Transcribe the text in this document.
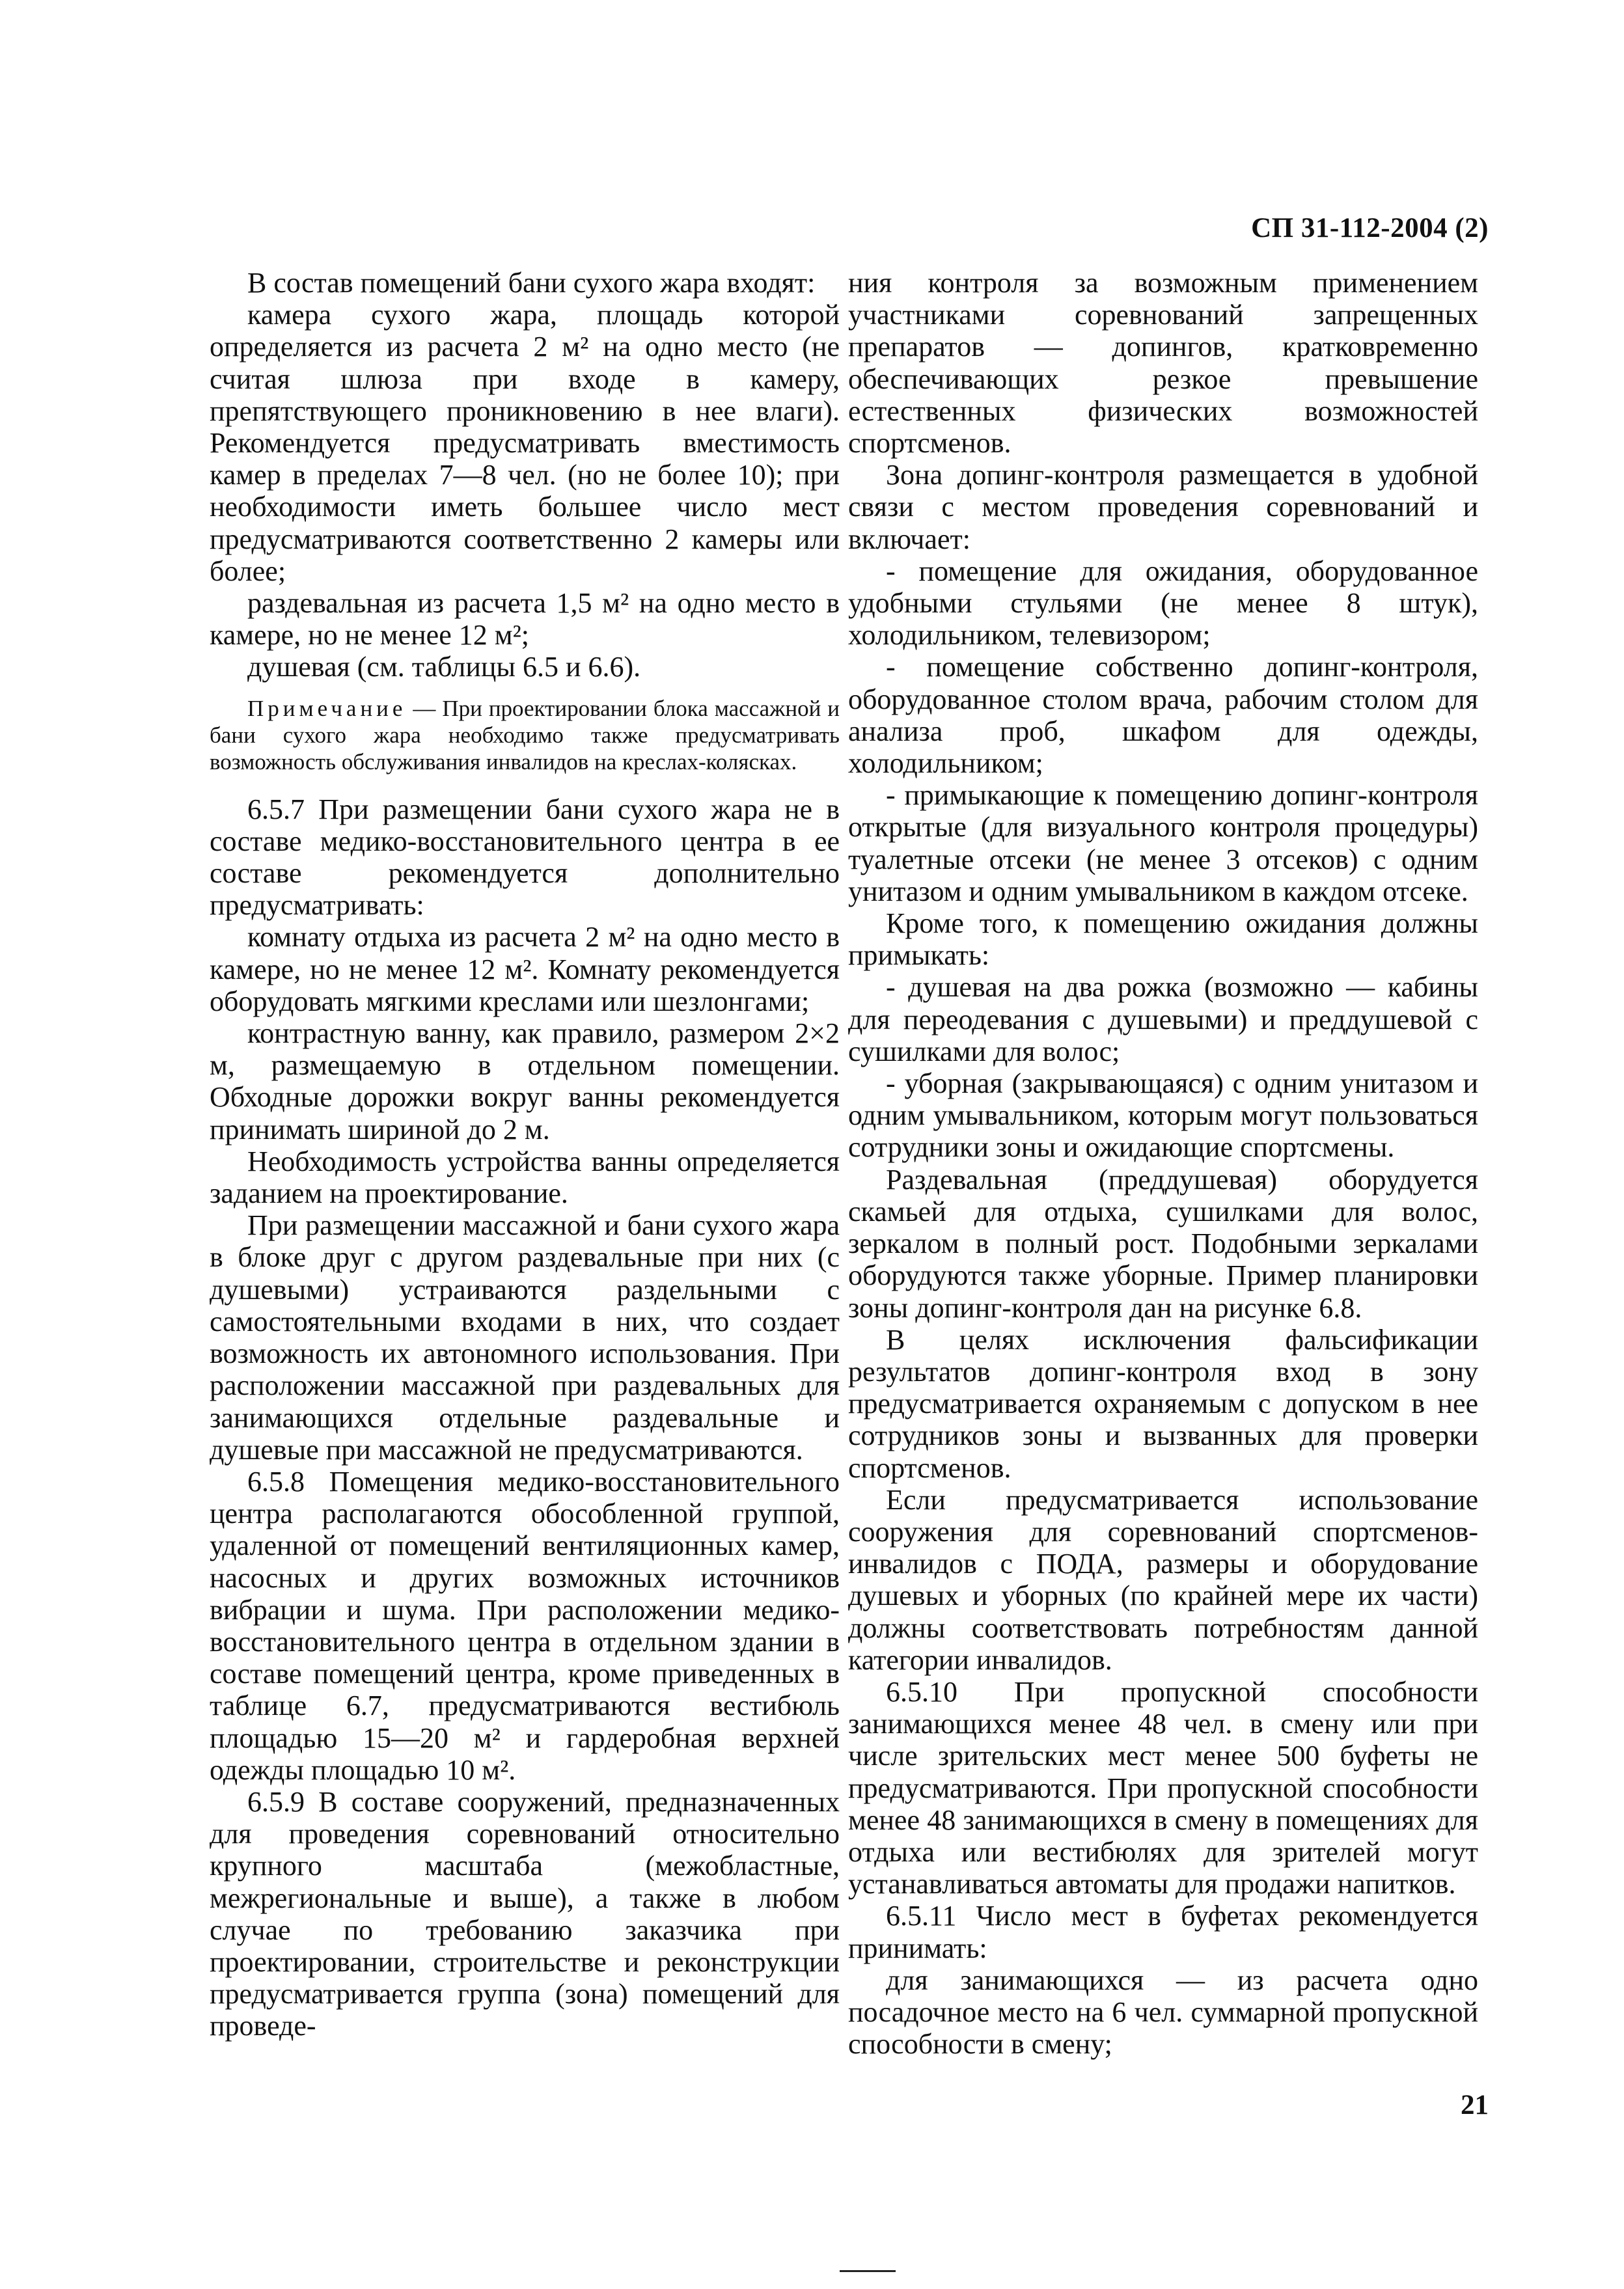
СП 31-112-2004 (2)

В состав помещений бани сухого жара входят:

камера сухого жара, площадь которой определяется из расчета 2 м² на одно место (не считая шлюза при входе в камеру, препятствующего проникновению в нее влаги). Рекомендуется предусматривать вместимость камер в пределах 7—8 чел. (но не более 10); при необходимости иметь большее число мест предусматриваются соответственно 2 камеры или более;

раздевальная из расчета 1,5 м² на одно место в камере, но не менее 12 м²;

душевая (см. таблицы 6.5 и 6.6).

Примечание — При проектировании блока массажной и бани сухого жара необходимо также предусматривать возможность обслуживания инвалидов на креслах-колясках.

6.5.7 При размещении бани сухого жара не в составе медико-восстановительного центра в ее составе рекомендуется дополнительно предусматривать:

комнату отдыха из расчета 2 м² на одно место в камере, но не менее 12 м². Комнату рекомендуется оборудовать мягкими креслами или шезлонгами;

контрастную ванну, как правило, размером 2×2 м, размещаемую в отдельном помещении. Обходные дорожки вокруг ванны рекомендуется принимать шириной до 2 м.

Необходимость устройства ванны определяется заданием на проектирование.

При размещении массажной и бани сухого жара в блоке друг с другом раздевальные при них (с душевыми) устраиваются раздельными с самостоятельными входами в них, что создает возможность их автономного использования. При расположении массажной при раздевальных для занимающихся отдельные раздевальные и душевые при массажной не предусматриваются.

6.5.8 Помещения медико-восстановительного центра располагаются обособленной группой, удаленной от помещений вентиляционных камер, насосных и других возможных источников вибрации и шума. При расположении медико-восстановительного центра в отдельном здании в составе помещений центра, кроме приведенных в таблице 6.7, предусматриваются вестибюль площадью 15—20 м² и гардеробная верхней одежды площадью 10 м².

6.5.9 В составе сооружений, предназначенных для проведения соревнований относительно крупного масштаба (межобластные, межрегиональные и выше), а также в любом случае по требованию заказчика при проектировании, строительстве и реконструкции предусматривается группа (зона) помещений для проведе-

ния контроля за возможным применением участниками соревнований запрещенных препаратов — допингов, кратковременно обеспечивающих резкое превышение естественных физических возможностей спортсменов.

Зона допинг-контроля размещается в удобной связи с местом проведения соревнований и включает:

- помещение для ожидания, оборудованное удобными стульями (не менее 8 штук), холодильником, телевизором;

- помещение собственно допинг-контроля, оборудованное столом врача, рабочим столом для анализа проб, шкафом для одежды, холодильником;

- примыкающие к помещению допинг-контроля открытые (для визуального контроля процедуры) туалетные отсеки (не менее 3 отсеков) с одним унитазом и одним умывальником в каждом отсеке.

Кроме того, к помещению ожидания должны примыкать:

- душевая на два рожка (возможно — кабины для переодевания с душевыми) и преддушевой с сушилками для волос;

- уборная (закрывающаяся) с одним унитазом и одним умывальником, которым могут пользоваться сотрудники зоны и ожидающие спортсмены.

Раздевальная (преддушевая) оборудуется скамьей для отдыха, сушилками для волос, зеркалом в полный рост. Подобными зеркалами оборудуются также уборные. Пример планировки зоны допинг-контроля дан на рисунке 6.8.

В целях исключения фальсификации результатов допинг-контроля вход в зону предусматривается охраняемым с допуском в нее сотрудников зоны и вызванных для проверки спортсменов.

Если предусматривается использование сооружения для соревнований спортсменов-инвалидов с ПОДА, размеры и оборудование душевых и уборных (по крайней мере их части) должны соответствовать потребностям данной категории инвалидов.

6.5.10 При пропускной способности занимающихся менее 48 чел. в смену или при числе зрительских мест менее 500 буфеты не предусматриваются. При пропускной способности менее 48 занимающихся в смену в помещениях для отдыха или вестибюлях для зрителей могут устанавливаться автоматы для продажи напитков.

6.5.11 Число мест в буфетах рекомендуется принимать:

для занимающихся — из расчета одно посадочное место на 6 чел. суммарной пропускной способности в смену;

21
